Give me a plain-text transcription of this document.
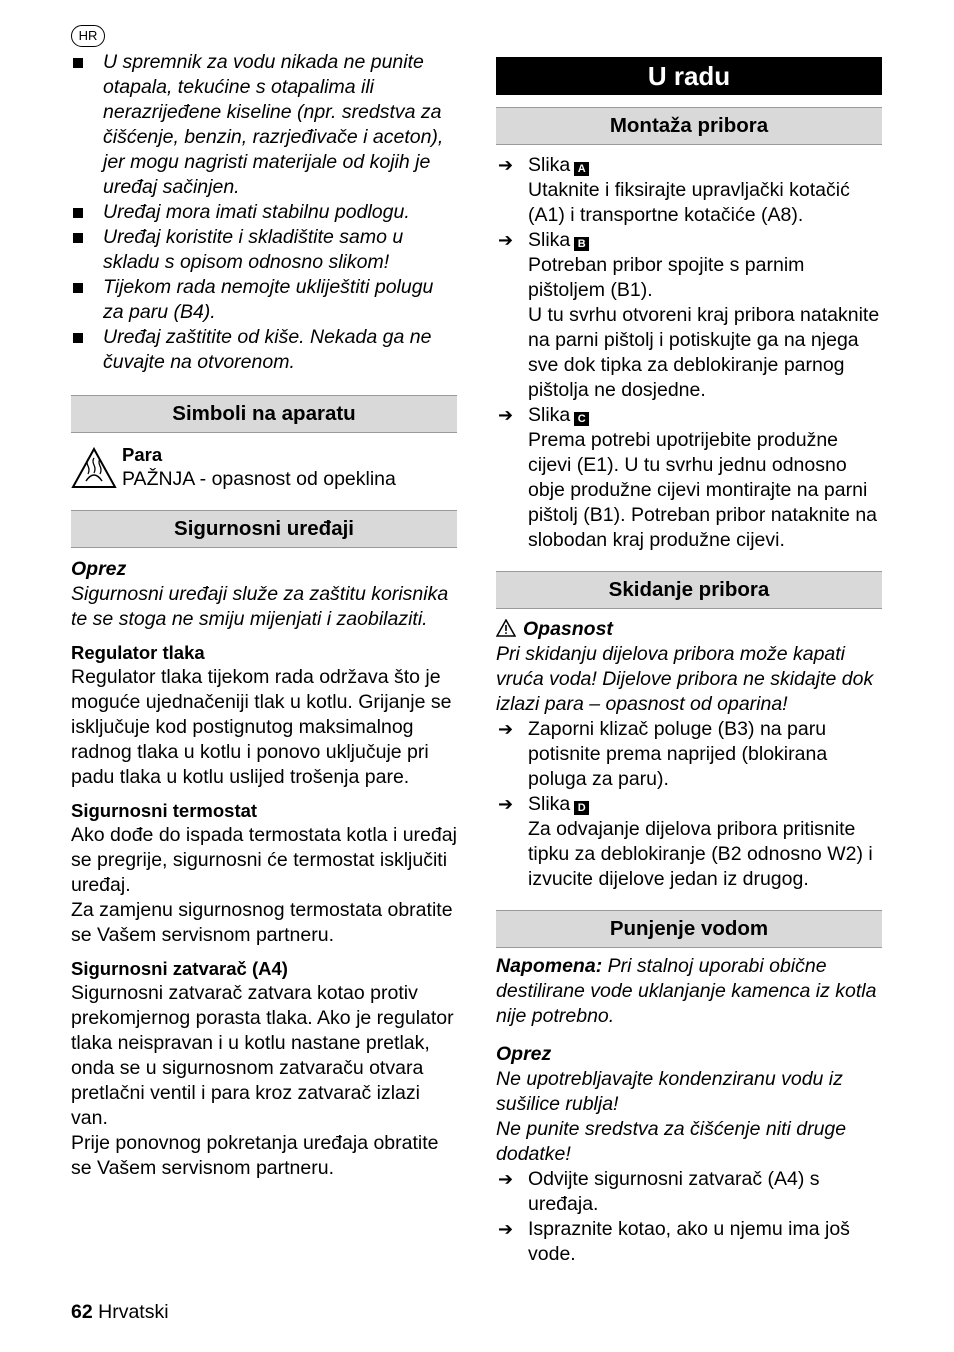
HR
U spremnik za vodu nikada ne punite otapala, tekućine s otapalima ili nerazrijeđene kiseline (npr. sredstva za čišćenje, benzin, razrjeđivače i aceton), jer mogu nagristi materijale od kojih je uređaj sačinjen.
Uređaj mora imati stabilnu podlogu.
Uređaj koristite i skladištite samo u skladu s opisom odnosno slikom!
Tijekom rada nemojte ukliještiti polugu za paru (B4).
Uređaj zaštitite od kiše. Nekada ga ne čuvajte na otvorenom.
Simboli na aparatu

Para

PAŽNJA - opasnost od opeklina

Sigurnosni uređaji

Oprez

Sigurnosni uređaji služe za zaštitu korisnika te se stoga ne smiju mijenjati i zaobilaziti.

Regulator tlaka

Regulator tlaka tijekom rada održava što je moguće ujednačeniji tlak u kotlu. Grijanje se isključuje kod postignutog maksimalnog radnog tlaka u kotlu i ponovo uključuje pri padu tlaka u kotlu uslijed trošenja pare.

Sigurnosni termostat

Ako dođe do ispada termostata kotla i uređaj se pregrije, sigurnosni će termostat isključiti uređaj.

Za zamjenu sigurnosnog termostata obratite se Vašem servisnom partneru.

Sigurnosni zatvarač (A4)

Sigurnosni zatvarač zatvara kotao protiv prekomjernog porasta tlaka. Ako je regulator tlaka neispravan i u kotlu nastane pretlak, onda se u sigurnosnom zatvaraču otvara pretlačni ventil i para kroz zatvarač izlazi van.

Prije ponovnog pokretanja uređaja obratite se Vašem servisnom partneru.

U radu
Montaža pribora
➔ Slika A
Utaknite i fiksirajte upravljački kotačić (A1) i transportne kotačiće (A8).
➔ Slika B
Potreban pribor spojite s parnim pištoljem (B1).
U tu svrhu otvoreni kraj pribora nataknite na parni pištolj i potiskujte ga na njega sve dok tipka za deblokiranje parnog pištolja ne dosjedne.
➔ Slika C
Prema potrebi upotrijebite produžne cijevi (E1). U tu svrhu jednu odnosno obje produžne cijevi montirajte na parni pištolj (B1). Potreban pribor nataknite na slobodan kraj produžne cijevi.
Skidanje pribora

Opasnost

Pri skidanju dijelova pribora može kapati vruća voda! Dijelove pribora ne skidajte dok izlazi para – opasnost od oparina!

➔ Zaporni klizač poluge (B3) na paru potisnite prema naprijed (blokirana poluga za paru).
➔ Slika D
Za odvajanje dijelova pribora pritisnite tipku za deblokiranje (B2 odnosno W2) i izvucite dijelove jedan iz drugog.
Punjenje vodom

Napomena: Pri stalnoj uporabi obične destilirane vode uklanjanje kamenca iz kotla nije potrebno.

Oprez

Ne upotrebljavajte kondenziranu vodu iz sušilice rublja!

Ne punite sredstva za čišćenje niti druge dodatke!

➔ Odvijte sigurnosni zatvarač (A4) s uređaja.
➔ Ispraznite kotao, ako u njemu ima još vode.
62 Hrvatski
